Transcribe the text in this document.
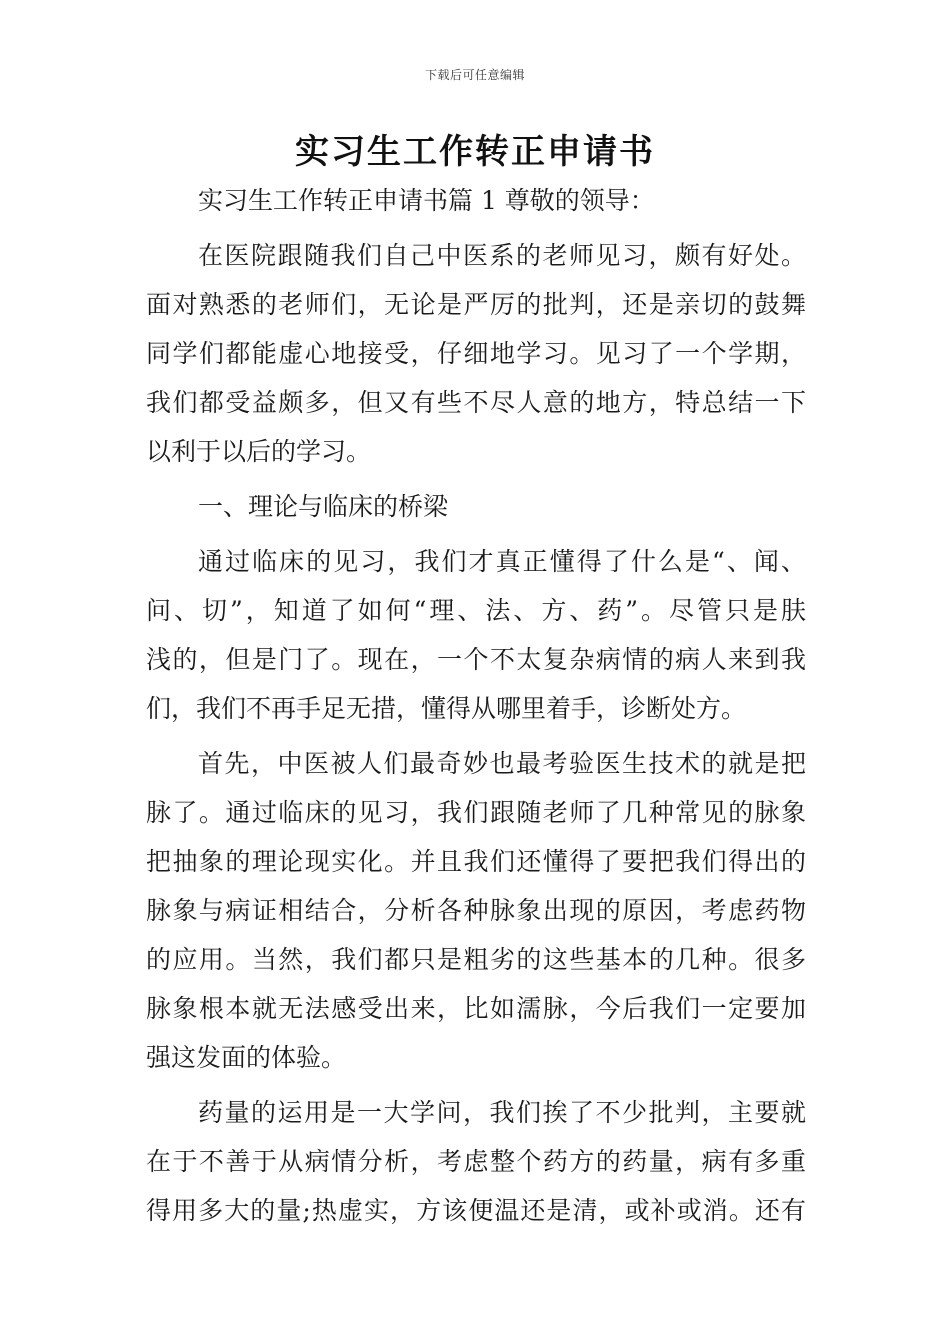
下载后可任意编辑
实习生工作转正申请书
实习生工作转正申请书篇 1 尊敬的领导：
在医院跟随我们自己中医系的老师见习，颇有好处。
面对熟悉的老师们，无论是严厉的批判，还是亲切的鼓舞
同学们都能虚心地接受，仔细地学习。见习了一个学期，
我们都受益颇多，但又有些不尽人意的地方，特总结一下
以利于以后的学习。
一、理论与临床的桥梁
通过临床的见习，我们才真正懂得了什么是“、闻、
问、切”，知道了如何“理、法、方、药”。尽管只是肤
浅的，但是门了。现在，一个不太复杂病情的病人来到我
们，我们不再手足无措，懂得从哪里着手，诊断处方。
首先，中医被人们最奇妙也最考验医生技术的就是把
脉了。通过临床的见习，我们跟随老师了几种常见的脉象
把抽象的理论现实化。并且我们还懂得了要把我们得出的
脉象与病证相结合，分析各种脉象出现的原因，考虑药物
的应用。当然，我们都只是粗劣的这些基本的几种。很多
脉象根本就无法感受出来，比如濡脉，今后我们一定要加
强这发面的体验。
药量的运用是一大学问，我们挨了不少批判，主要就
在于不善于从病情分析，考虑整个药方的药量，病有多重
得用多大的量;热虚实，方该便温还是清，或补或消。还有
